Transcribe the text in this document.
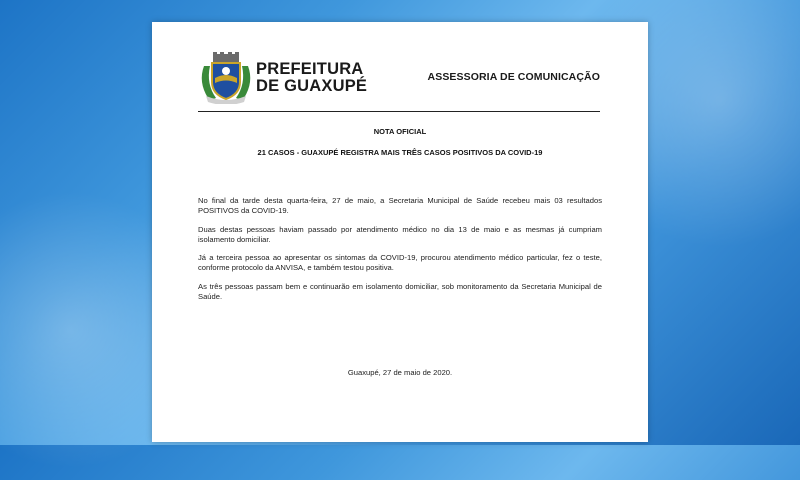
PREFEITURA
DE GUAXUPÉ	ASSESSORIA DE COMUNICAÇÃO
NOTA OFICIAL
21 CASOS - GUAXUPÉ REGISTRA MAIS TRÊS CASOS POSITIVOS DA COVID-19

No final da tarde desta quarta-feira, 27 de maio, a Secretaria Municipal de Saúde recebeu mais 03 resultados POSITIVOS da COVID-19.

Duas destas pessoas haviam passado por atendimento médico no dia 13 de maio e as mesmas já cumpriam isolamento domiciliar.

Já a terceira pessoa ao apresentar os sintomas da COVID-19, procurou atendimento médico particular, fez o teste, conforme protocolo da ANVISA, e também testou positiva.

As três pessoas passam bem e continuarão em isolamento domiciliar, sob monitoramento da Secretaria Municipal de Saúde.

Guaxupé, 27 de maio de 2020.
